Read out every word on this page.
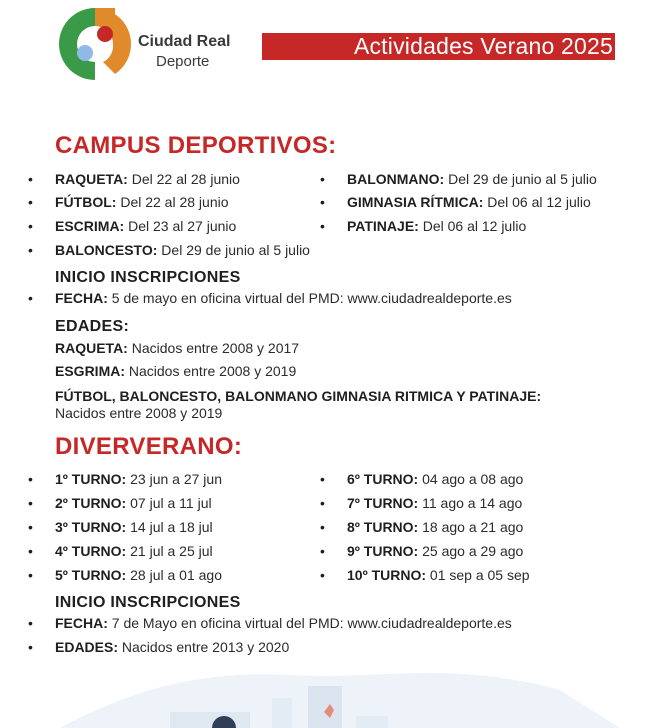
Ciudad Real
Deporte
Actividades Verano 2025
CAMPUS DEPORTIVOS:
• RAQUETA: Del 22 al 28 junio
• FÚTBOL: Del 22 al 28 junio
• ESCRIMA: Del 23 al 27 junio
• BALONCESTO: Del 29 de junio al 5 julio
• BALONMANO: Del 29 de junio al 5 julio
• GIMNASIA RÍTMICA: Del 06 al 12 julio
• PATINAJE: Del 06 al 12 julio
INICIO INSCRIPCIONES
• FECHA: 5 de mayo en oficina virtual del PMD: www.ciudadrealdeporte.es
EDADES:
RAQUETA: Nacidos entre 2008 y 2017
ESGRIMA: Nacidos entre 2008 y 2019
FÚTBOL, BALONCESTO, BALONMANO GIMNASIA RITMICA Y PATINAJE:
Nacidos entre 2008 y 2019
DIVERVERANO:
• 1º TURNO: 23 jun a 27 jun
• 2º TURNO: 07 jul a 11 jul
• 3º TURNO: 14 jul a 18 jul
• 4º TURNO: 21 jul a 25 jul
• 5º TURNO: 28 jul a 01 ago
• 6º TURNO: 04 ago a 08 ago
• 7º TURNO: 11 ago a 14 ago
• 8º TURNO: 18 ago a 21 ago
• 9º TURNO: 25 ago a 29 ago
• 10º TURNO: 01 sep a 05 sep
INICIO INSCRIPCIONES
• FECHA: 7 de Mayo en oficina virtual del PMD: www.ciudadrealdeporte.es
• EDADES: Nacidos entre 2013 y 2020
